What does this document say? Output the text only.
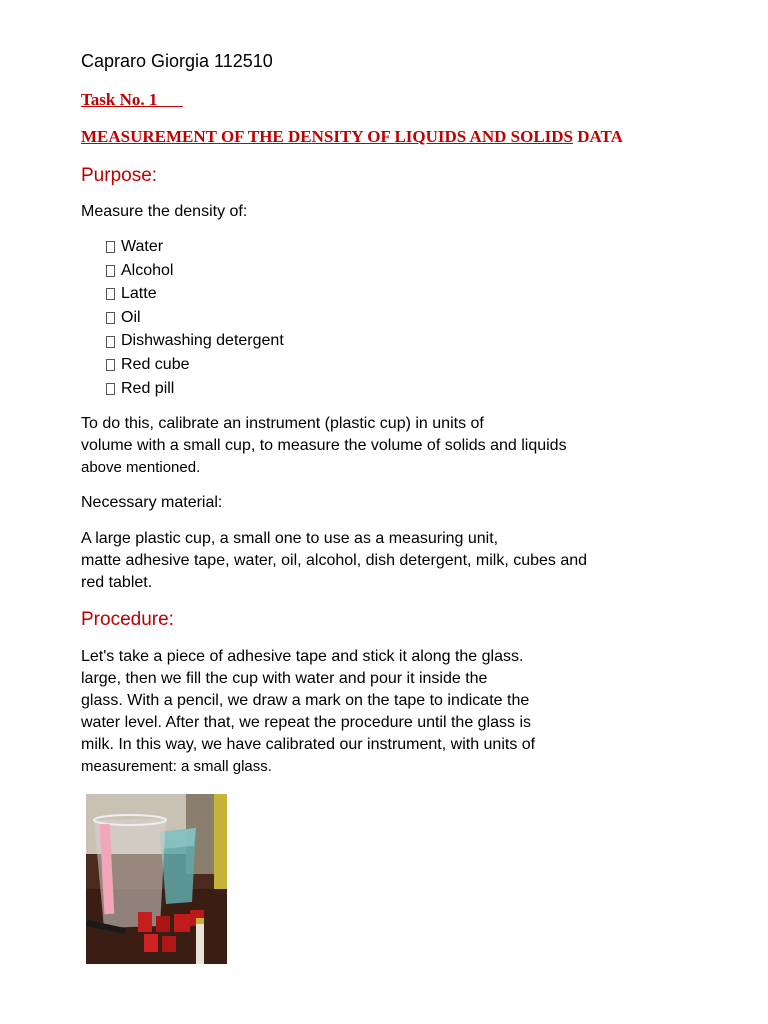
Capraro Giorgia 112510
Task No. 1
MEASUREMENT OF THE DENSITY OF LIQUIDS AND SOLIDS DATA
Purpose:
Measure the density of:
Water
Alcohol
Latte
Oil
Dishwashing detergent
Red cube
Red pill
To do this, calibrate an instrument (plastic cup) in units of
volume with a small cup, to measure the volume of solids and liquids
above mentioned.
Necessary material:
A large plastic cup, a small one to use as a measuring unit,
matte adhesive tape, water, oil, alcohol, dish detergent, milk, cubes and
red tablet.
Procedure:
Let's take a piece of adhesive tape and stick it along the glass.
large, then we fill the cup with water and pour it inside the
glass. With a pencil, we draw a mark on the tape to indicate the
water level. After that, we repeat the procedure until the glass is
milk. In this way, we have calibrated our instrument, with units of
measurement: a small glass.
